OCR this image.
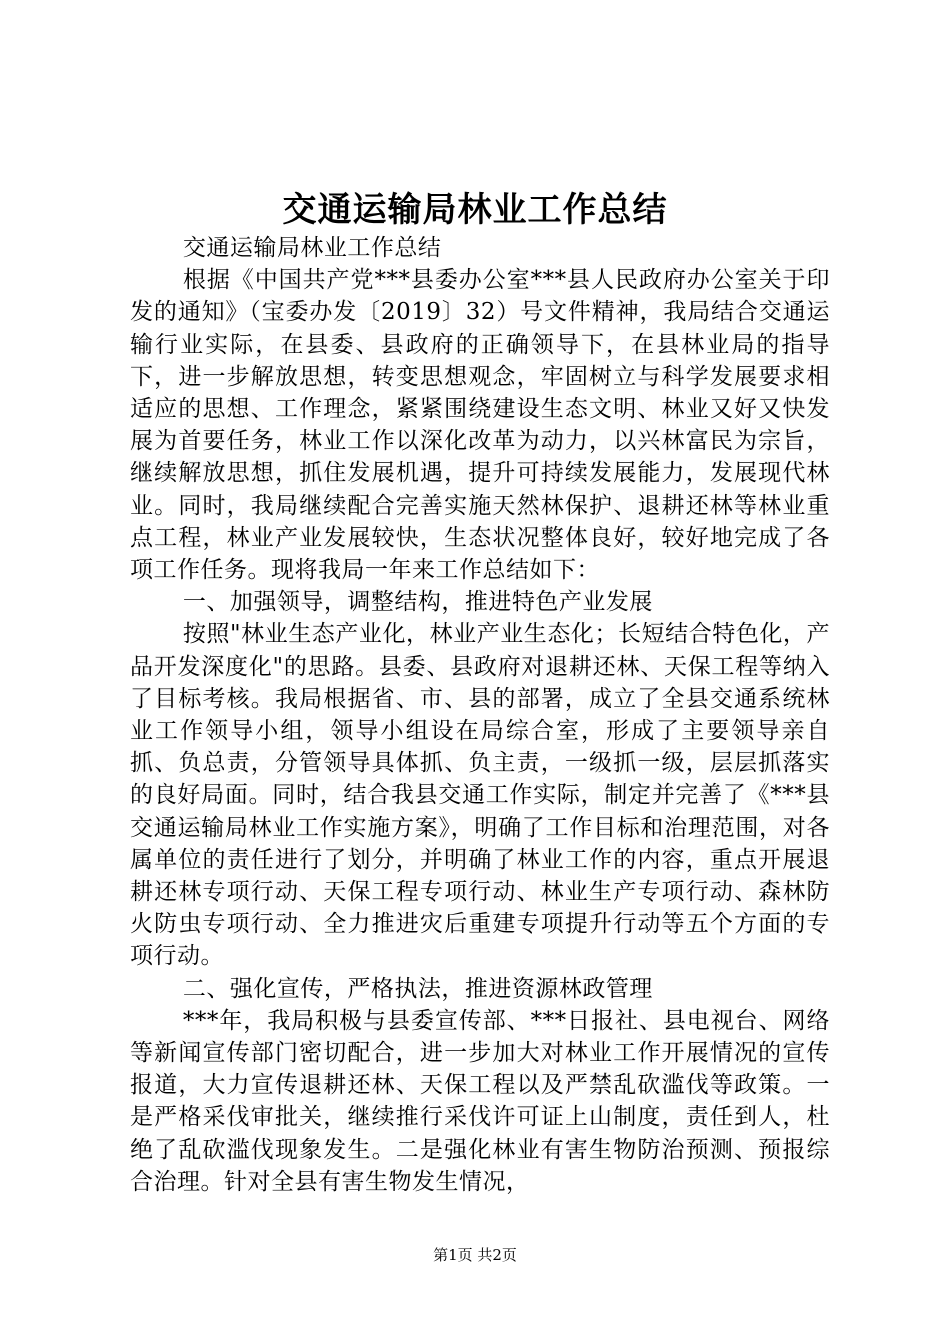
交通运输局林业工作总结

交通运输局林业工作总结

根据《中国共产党***县委办公室***县人民政府办公室关于印发的通知》（宝委办发〔2019〕32）号文件精神，我局结合交通运输行业实际，在县委、县政府的正确领导下，在县林业局的指导下，进一步解放思想，转变思想观念，牢固树立与科学发展要求相适应的思想、工作理念，紧紧围绕建设生态文明、林业又好又快发展为首要任务，林业工作以深化改革为动力，以兴林富民为宗旨，继续解放思想，抓住发展机遇，提升可持续发展能力，发展现代林业。同时，我局继续配合完善实施天然林保护、退耕还林等林业重点工程，林业产业发展较快，生态状况整体良好，较好地完成了各项工作任务。现将我局一年来工作总结如下：

一、加强领导，调整结构，推进特色产业发展

按照"林业生态产业化，林业产业生态化；长短结合特色化，产品开发深度化"的思路。县委、县政府对退耕还林、天保工程等纳入了目标考核。我局根据省、市、县的部署，成立了全县交通系统林业工作领导小组，领导小组设在局综合室，形成了主要领导亲自抓、负总责，分管领导具体抓、负主责，一级抓一级，层层抓落实的良好局面。同时，结合我县交通工作实际，制定并完善了《***县交通运输局林业工作实施方案》，明确了工作目标和治理范围，对各属单位的责任进行了划分，并明确了林业工作的内容，重点开展退耕还林专项行动、天保工程专项行动、林业生产专项行动、森林防火防虫专项行动、全力推进灾后重建专项提升行动等五个方面的专项行动。

二、强化宣传，严格执法，推进资源林政管理

***年，我局积极与县委宣传部、***日报社、县电视台、网络等新闻宣传部门密切配合，进一步加大对林业工作开展情况的宣传报道，大力宣传退耕还林、天保工程以及严禁乱砍滥伐等政策。一是严格采伐审批关，继续推行采伐许可证上山制度，责任到人，杜绝了乱砍滥伐现象发生。二是强化林业有害生物防治预测、预报综合治理。针对全县有害生物发生情况，

第1页 共2页
